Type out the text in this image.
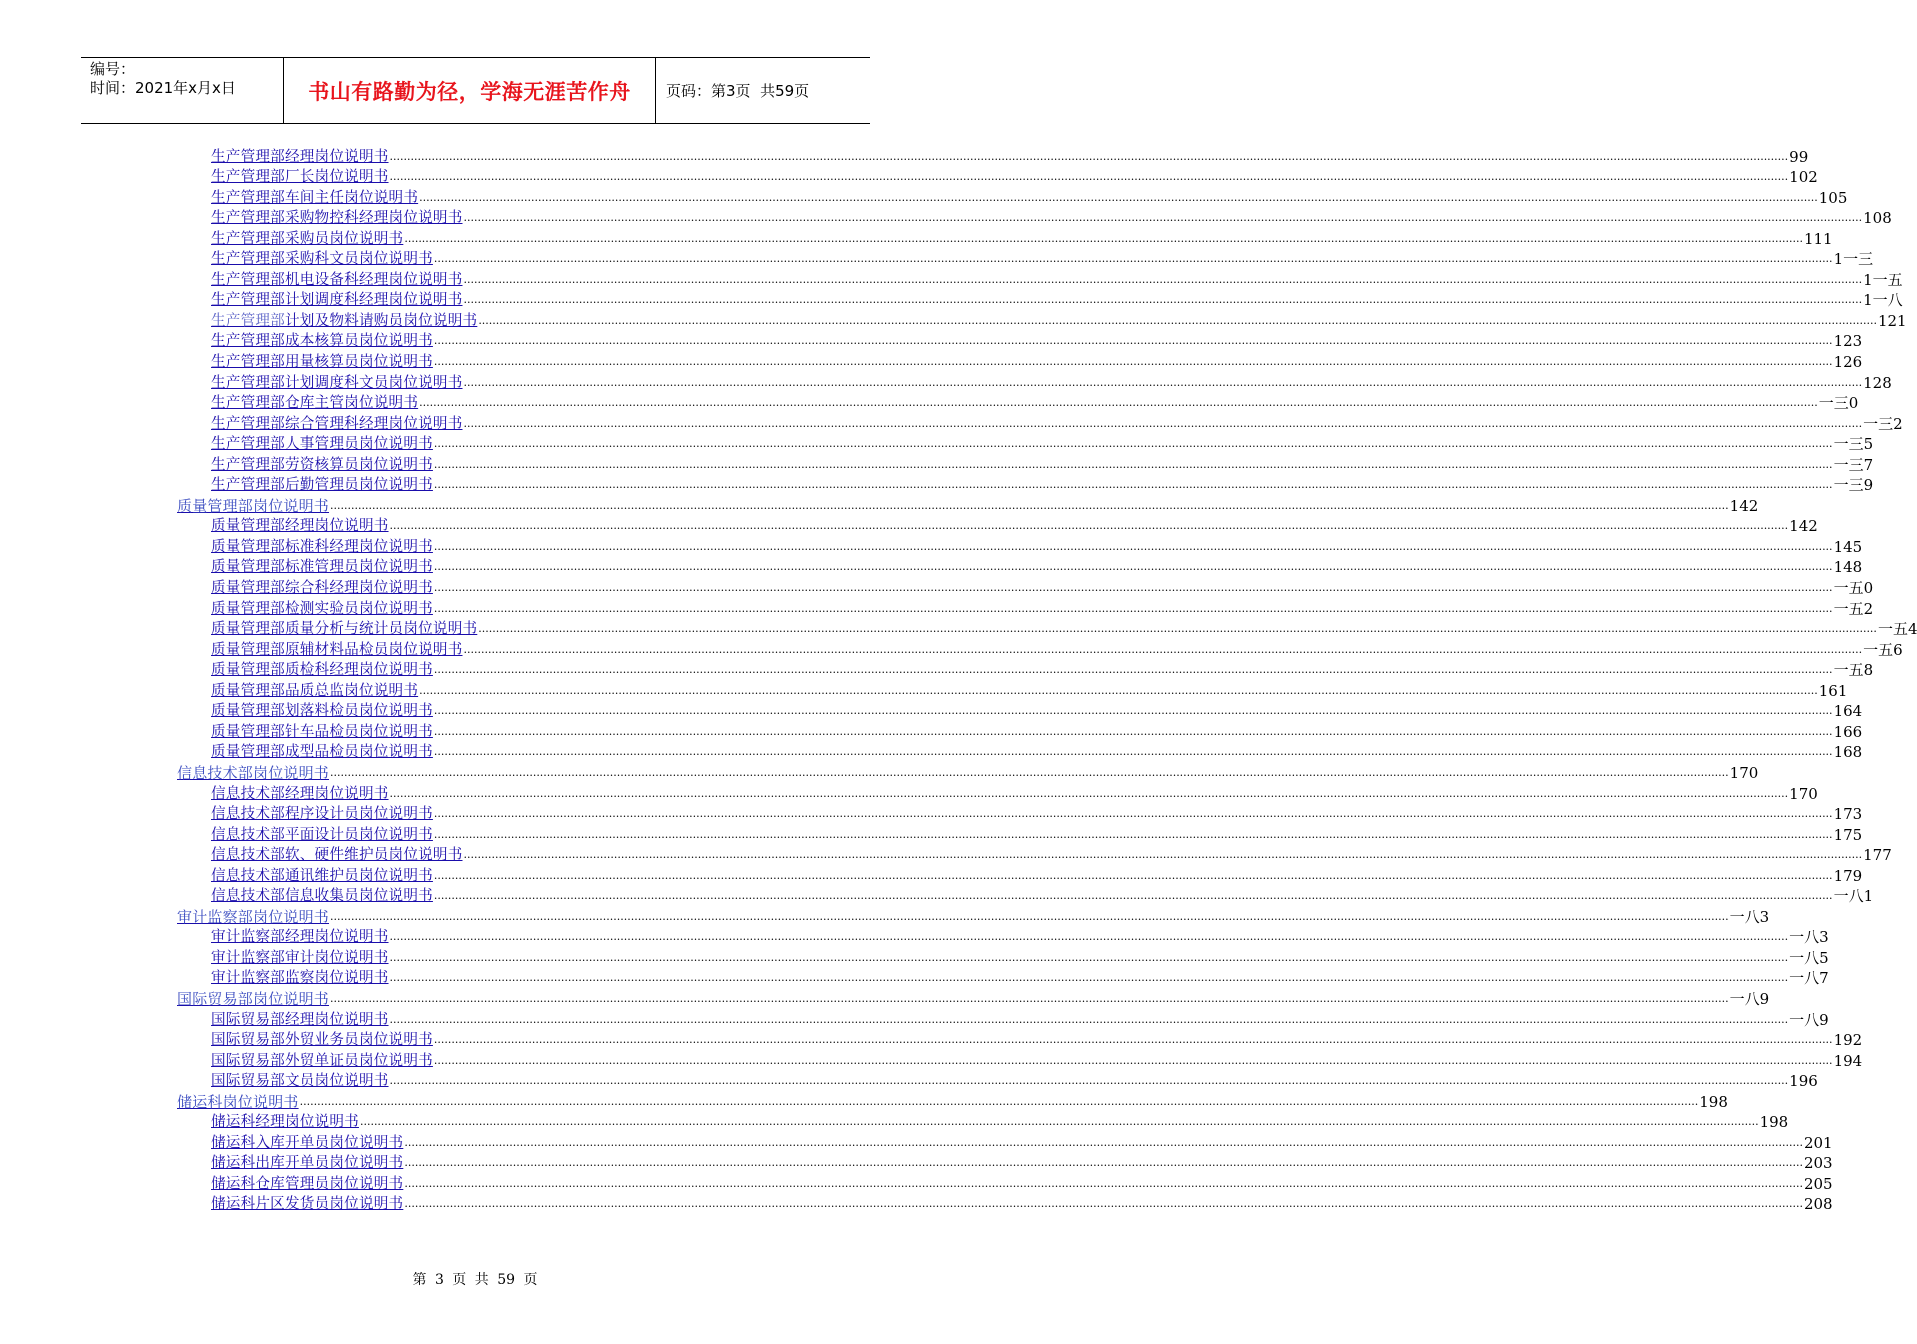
编号：
时间：2021年x月x日	书山有路勤为径，学海无涯苦作舟	页码：第3页  共59页
生产管理部经理岗位说明书 ................................................................................................................................................................................................................................................................................................................................................................................................................ 99
生产管理部厂长岗位说明书 ................................................................................................................................................................................................................................................................................................................................................................................................................ 102
生产管理部车间主任岗位说明书 ................................................................................................................................................................................................................................................................................................................................................................................................................ 105
生产管理部采购物控科经理岗位说明书 ................................................................................................................................................................................................................................................................................................................................................................................................................ 108
生产管理部采购员岗位说明书 ................................................................................................................................................................................................................................................................................................................................................................................................................ 111
生产管理部采购科文员岗位说明书 ................................................................................................................................................................................................................................................................................................................................................................................................................ 1一三
生产管理部机电设备科经理岗位说明书 ................................................................................................................................................................................................................................................................................................................................................................................................................ 1一五
生产管理部计划调度科经理岗位说明书 ................................................................................................................................................................................................................................................................................................................................................................................................................ 1一八
生产管理部计划及物料请购员岗位说明书 ................................................................................................................................................................................................................................................................................................................................................................................................................ 121
生产管理部成本核算员岗位说明书 ................................................................................................................................................................................................................................................................................................................................................................................................................ 123
生产管理部用量核算员岗位说明书 ................................................................................................................................................................................................................................................................................................................................................................................................................ 126
生产管理部计划调度科文员岗位说明书 ................................................................................................................................................................................................................................................................................................................................................................................................................ 128
生产管理部仓库主管岗位说明书 ................................................................................................................................................................................................................................................................................................................................................................................................................ 一三0
生产管理部综合管理科经理岗位说明书 ................................................................................................................................................................................................................................................................................................................................................................................................................ 一三2
生产管理部人事管理员岗位说明书 ................................................................................................................................................................................................................................................................................................................................................................................................................ 一三5
生产管理部劳资核算员岗位说明书 ................................................................................................................................................................................................................................................................................................................................................................................................................ 一三7
生产管理部后勤管理员岗位说明书 ................................................................................................................................................................................................................................................................................................................................................................................................................ 一三9
质量管理部岗位说明书 ................................................................................................................................................................................................................................................................................................................................................................................................................ 142
质量管理部经理岗位说明书 ................................................................................................................................................................................................................................................................................................................................................................................................................ 142
质量管理部标准科经理岗位说明书 ................................................................................................................................................................................................................................................................................................................................................................................................................ 145
质量管理部标准管理员岗位说明书 ................................................................................................................................................................................................................................................................................................................................................................................................................ 148
质量管理部综合科经理岗位说明书 ................................................................................................................................................................................................................................................................................................................................................................................................................ 一五0
质量管理部检测实验员岗位说明书 ................................................................................................................................................................................................................................................................................................................................................................................................................ 一五2
质量管理部质量分析与统计员岗位说明书 ................................................................................................................................................................................................................................................................................................................................................................................................................ 一五4
质量管理部原辅材料品检员岗位说明书 ................................................................................................................................................................................................................................................................................................................................................................................................................ 一五6
质量管理部质检科经理岗位说明书 ................................................................................................................................................................................................................................................................................................................................................................................................................ 一五8
质量管理部品质总监岗位说明书 ................................................................................................................................................................................................................................................................................................................................................................................................................ 161
质量管理部划落料检员岗位说明书 ................................................................................................................................................................................................................................................................................................................................................................................................................ 164
质量管理部针车品检员岗位说明书 ................................................................................................................................................................................................................................................................................................................................................................................................................ 166
质量管理部成型品检员岗位说明书 ................................................................................................................................................................................................................................................................................................................................................................................................................ 168
信息技术部岗位说明书 ................................................................................................................................................................................................................................................................................................................................................................................................................ 170
信息技术部经理岗位说明书 ................................................................................................................................................................................................................................................................................................................................................................................................................ 170
信息技术部程序设计员岗位说明书 ................................................................................................................................................................................................................................................................................................................................................................................................................ 173
信息技术部平面设计员岗位说明书 ................................................................................................................................................................................................................................................................................................................................................................................................................ 175
信息技术部软、硬件维护员岗位说明书 ................................................................................................................................................................................................................................................................................................................................................................................................................ 177
信息技术部通讯维护员岗位说明书 ................................................................................................................................................................................................................................................................................................................................................................................................................ 179
信息技术部信息收集员岗位说明书 ................................................................................................................................................................................................................................................................................................................................................................................................................ 一八1
审计监察部岗位说明书 ................................................................................................................................................................................................................................................................................................................................................................................................................ 一八3
审计监察部经理岗位说明书 ................................................................................................................................................................................................................................................................................................................................................................................................................ 一八3
审计监察部审计岗位说明书 ................................................................................................................................................................................................................................................................................................................................................................................................................ 一八5
审计监察部监察岗位说明书 ................................................................................................................................................................................................................................................................................................................................................................................................................ 一八7
国际贸易部岗位说明书 ................................................................................................................................................................................................................................................................................................................................................................................................................ 一八9
国际贸易部经理岗位说明书 ................................................................................................................................................................................................................................................................................................................................................................................................................ 一八9
国际贸易部外贸业务员岗位说明书 ................................................................................................................................................................................................................................................................................................................................................................................................................ 192
国际贸易部外贸单证员岗位说明书 ................................................................................................................................................................................................................................................................................................................................................................................................................ 194
国际贸易部文员岗位说明书 ................................................................................................................................................................................................................................................................................................................................................................................................................ 196
储运科岗位说明书 ................................................................................................................................................................................................................................................................................................................................................................................................................ 198
储运科经理岗位说明书 ................................................................................................................................................................................................................................................................................................................................................................................................................ 198
储运科入库开单员岗位说明书 ................................................................................................................................................................................................................................................................................................................................................................................................................ 201
储运科出库开单员岗位说明书 ................................................................................................................................................................................................................................................................................................................................................................................................................ 203
储运科仓库管理员岗位说明书 ................................................................................................................................................................................................................................................................................................................................................................................................................ 205
储运科片区发货员岗位说明书 ................................................................................................................................................................................................................................................................................................................................................................................................................ 208
第 3 页 共 59 页
